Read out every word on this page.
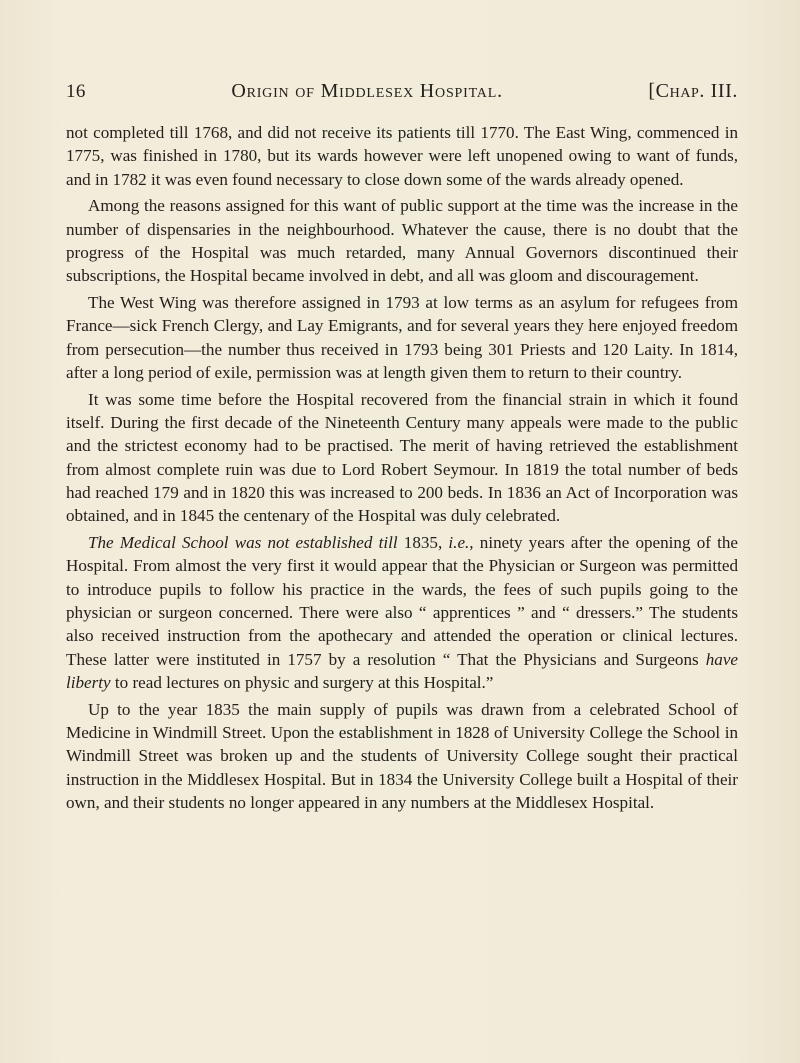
16	Origin of Middlesex Hospital.	[Chap. III.

not completed till 1768, and did not receive its patients till 1770. The East Wing, commenced in 1775, was finished in 1780, but its wards however were left unopened owing to want of funds, and in 1782 it was even found necessary to close down some of the wards already opened.

Among the reasons assigned for this want of public support at the time was the increase in the number of dispensaries in the neighbourhood. Whatever the cause, there is no doubt that the progress of the Hospital was much retarded, many Annual Governors discontinued their subscriptions, the Hospital became involved in debt, and all was gloom and discouragement.

The West Wing was therefore assigned in 1793 at low terms as an asylum for refugees from France—sick French Clergy, and Lay Emigrants, and for several years they here enjoyed freedom from persecution—the number thus received in 1793 being 301 Priests and 120 Laity. In 1814, after a long period of exile, permission was at length given them to return to their country.

It was some time before the Hospital recovered from the financial strain in which it found itself. During the first decade of the Nineteenth Century many appeals were made to the public and the strictest economy had to be practised. The merit of having retrieved the establishment from almost complete ruin was due to Lord Robert Seymour. In 1819 the total number of beds had reached 179 and in 1820 this was increased to 200 beds. In 1836 an Act of Incorporation was obtained, and in 1845 the centenary of the Hospital was duly celebrated.

The Medical School was not established till 1835, i.e., ninety years after the opening of the Hospital. From almost the very first it would appear that the Physician or Surgeon was permitted to introduce pupils to follow his practice in the wards, the fees of such pupils going to the physician or surgeon concerned. There were also “ apprentices ” and “ dressers.” The students also received instruction from the apothecary and attended the operation or clinical lectures. These latter were instituted in 1757 by a resolution “ That the Physicians and Surgeons have liberty to read lectures on physic and surgery at this Hospital.”

Up to the year 1835 the main supply of pupils was drawn from a celebrated School of Medicine in Windmill Street. Upon the establishment in 1828 of University College the School in Windmill Street was broken up and the students of University College sought their practical instruction in the Middlesex Hospital. But in 1834 the University College built a Hospital of their own, and their students no longer appeared in any numbers at the Middlesex Hospital.
